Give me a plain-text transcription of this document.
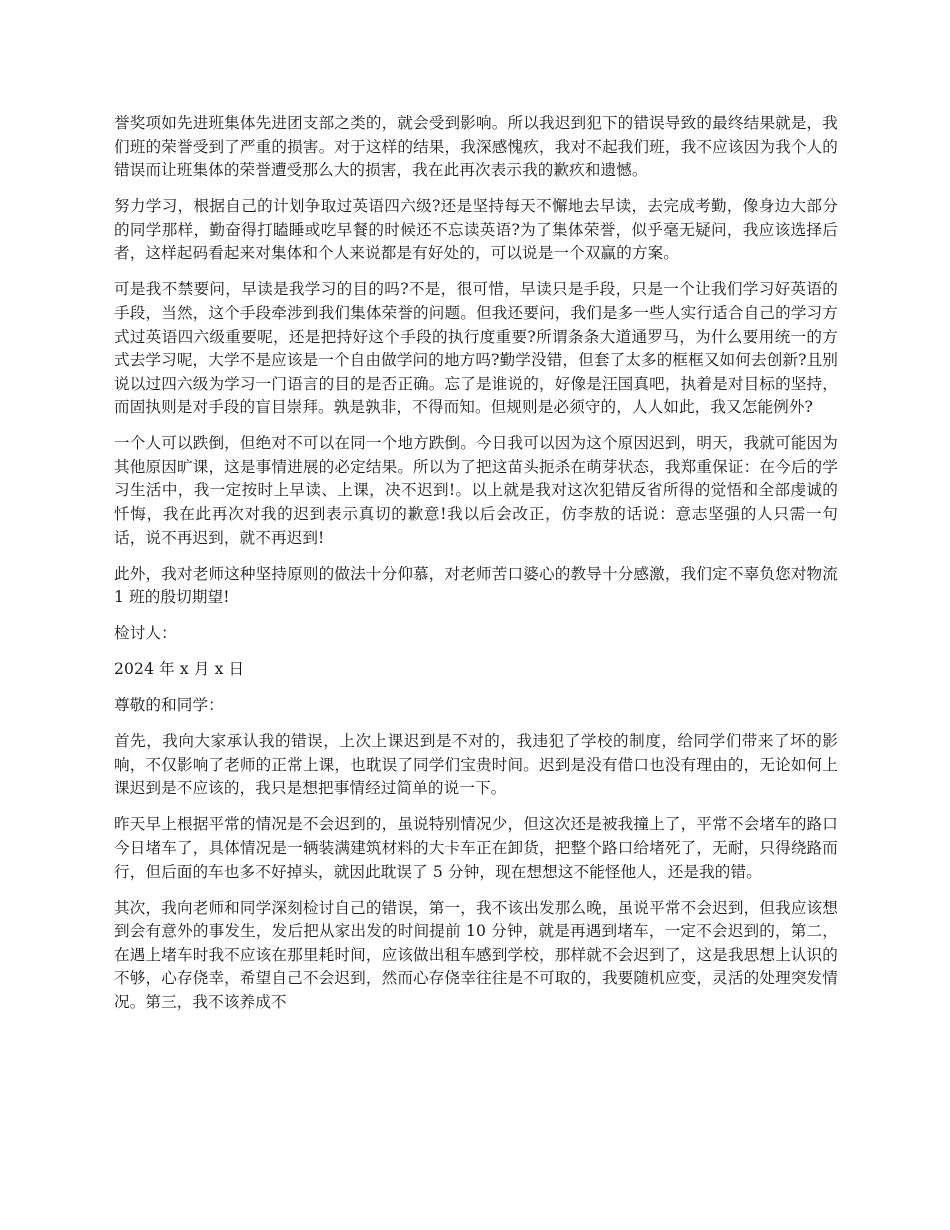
誉奖项如先进班集体先进团支部之类的，就会受到影响。所以我迟到犯下的错误导致的最终结果就是，我们班的荣誉受到了严重的损害。对于这样的结果，我深感愧疚，我对不起我们班，我不应该因为我个人的错误而让班集体的荣誉遭受那么大的损害，我在此再次表示我的歉疚和遗憾。

努力学习，根据自己的计划争取过英语四六级?还是坚持每天不懈地去早读，去完成考勤，像身边大部分的同学那样，勤奋得打瞌睡或吃早餐的时候还不忘读英语?为了集体荣誉，似乎毫无疑问，我应该选择后者，这样起码看起来对集体和个人来说都是有好处的，可以说是一个双赢的方案。

可是我不禁要问，早读是我学习的目的吗?不是，很可惜，早读只是手段，只是一个让我们学习好英语的手段，当然，这个手段牵涉到我们集体荣誉的问题。但我还要问，我们是多一些人实行适合自己的学习方式过英语四六级重要呢，还是把持好这个手段的执行度重要?所谓条条大道通罗马，为什么要用统一的方式去学习呢，大学不是应该是一个自由做学问的地方吗?勤学没错，但套了太多的框框又如何去创新?且别说以过四六级为学习一门语言的目的是否正确。忘了是谁说的，好像是汪国真吧，执着是对目标的坚持，而固执则是对手段的盲目崇拜。孰是孰非，不得而知。但规则是必须守的，人人如此，我又怎能例外?

一个人可以跌倒，但绝对不可以在同一个地方跌倒。今日我可以因为这个原因迟到，明天，我就可能因为其他原因旷课，这是事情进展的必定结果。所以为了把这苗头扼杀在萌芽状态，我郑重保证：在今后的学习生活中，我一定按时上早读、上课，决不迟到!。以上就是我对这次犯错反省所得的觉悟和全部虔诚的忏悔，我在此再次对我的迟到表示真切的歉意!我以后会改正，仿李敖的话说：意志坚强的人只需一句话，说不再迟到，就不再迟到!

此外，我对老师这种坚持原则的做法十分仰慕，对老师苦口婆心的教导十分感激，我们定不辜负您对物流 1 班的殷切期望!

检讨人：

2024 年 x 月 x 日

尊敬的和同学：

首先，我向大家承认我的错误，上次上课迟到是不对的，我违犯了学校的制度，给同学们带来了坏的影响，不仅影响了老师的正常上课，也耽误了同学们宝贵时间。迟到是没有借口也没有理由的，无论如何上课迟到是不应该的，我只是想把事情经过简单的说一下。

昨天早上根据平常的情况是不会迟到的，虽说特别情况少，但这次还是被我撞上了，平常不会堵车的路口今日堵车了，具体情况是一辆装满建筑材料的大卡车正在卸货，把整个路口给堵死了，无耐，只得绕路而行，但后面的车也多不好掉头，就因此耽误了 5 分钟，现在想想这不能怪他人，还是我的错。

其次，我向老师和同学深刻检讨自己的错误，第一，我不该出发那么晚，虽说平常不会迟到，但我应该想到会有意外的事发生，发后把从家出发的时间提前 10 分钟，就是再遇到堵车，一定不会迟到的，第二，在遇上堵车时我不应该在那里耗时间，应该做出租车感到学校，那样就不会迟到了，这是我思想上认识的不够，心存侥幸，希望自己不会迟到，然而心存侥幸往往是不可取的，我要随机应变，灵活的处理突发情况。第三，我不该养成不
